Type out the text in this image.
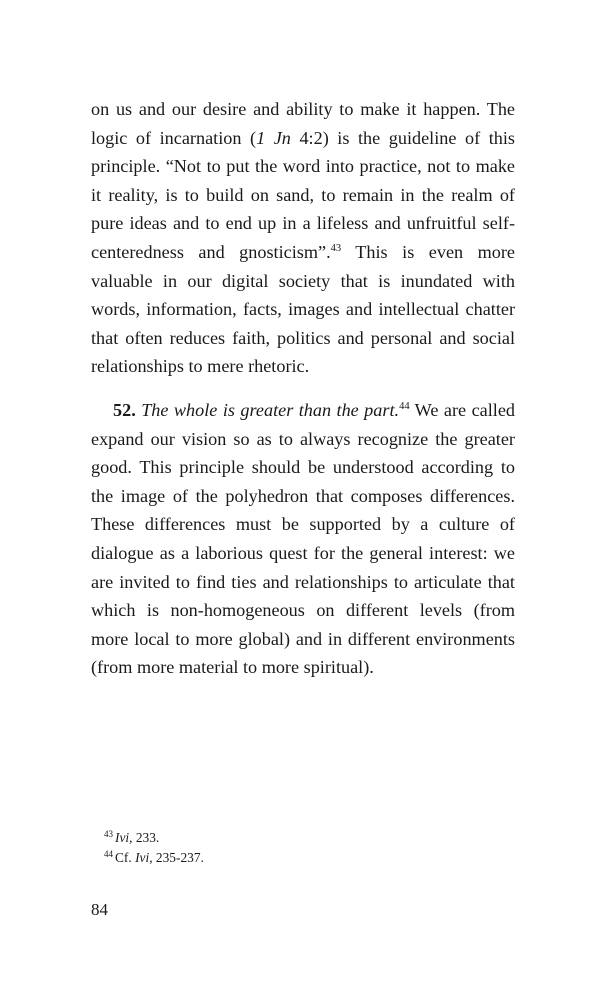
on us and our desire and ability to make it happen. The logic of incarnation (1 Jn 4:2) is the guideline of this principle. “Not to put the word into practice, not to make it reality, is to build on sand, to remain in the realm of pure ideas and to end up in a lifeless and unfruitful self-centeredness and gnosticism”.$^{43}$ This is even more valuable in our digital society that is inundated with words, information, facts, images and intellectual chatter that often reduces faith, politics and personal and social relationships to mere rhetoric.

52. The whole is greater than the part.$^{44}$ We are called expand our vision so as to always recognize the greater good. This principle should be understood according to the image of the polyhedron that composes differences. These differences must be supported by a culture of dialogue as a laborious quest for the general interest: we are invited to find ties and relationships to articulate that which is non-homogeneous on different levels (from more local to more global) and in different environments (from more material to more spiritual).

$^{43}$ Ivi, 233.

$^{44}$ Cf. Ivi, 235-237.

84
